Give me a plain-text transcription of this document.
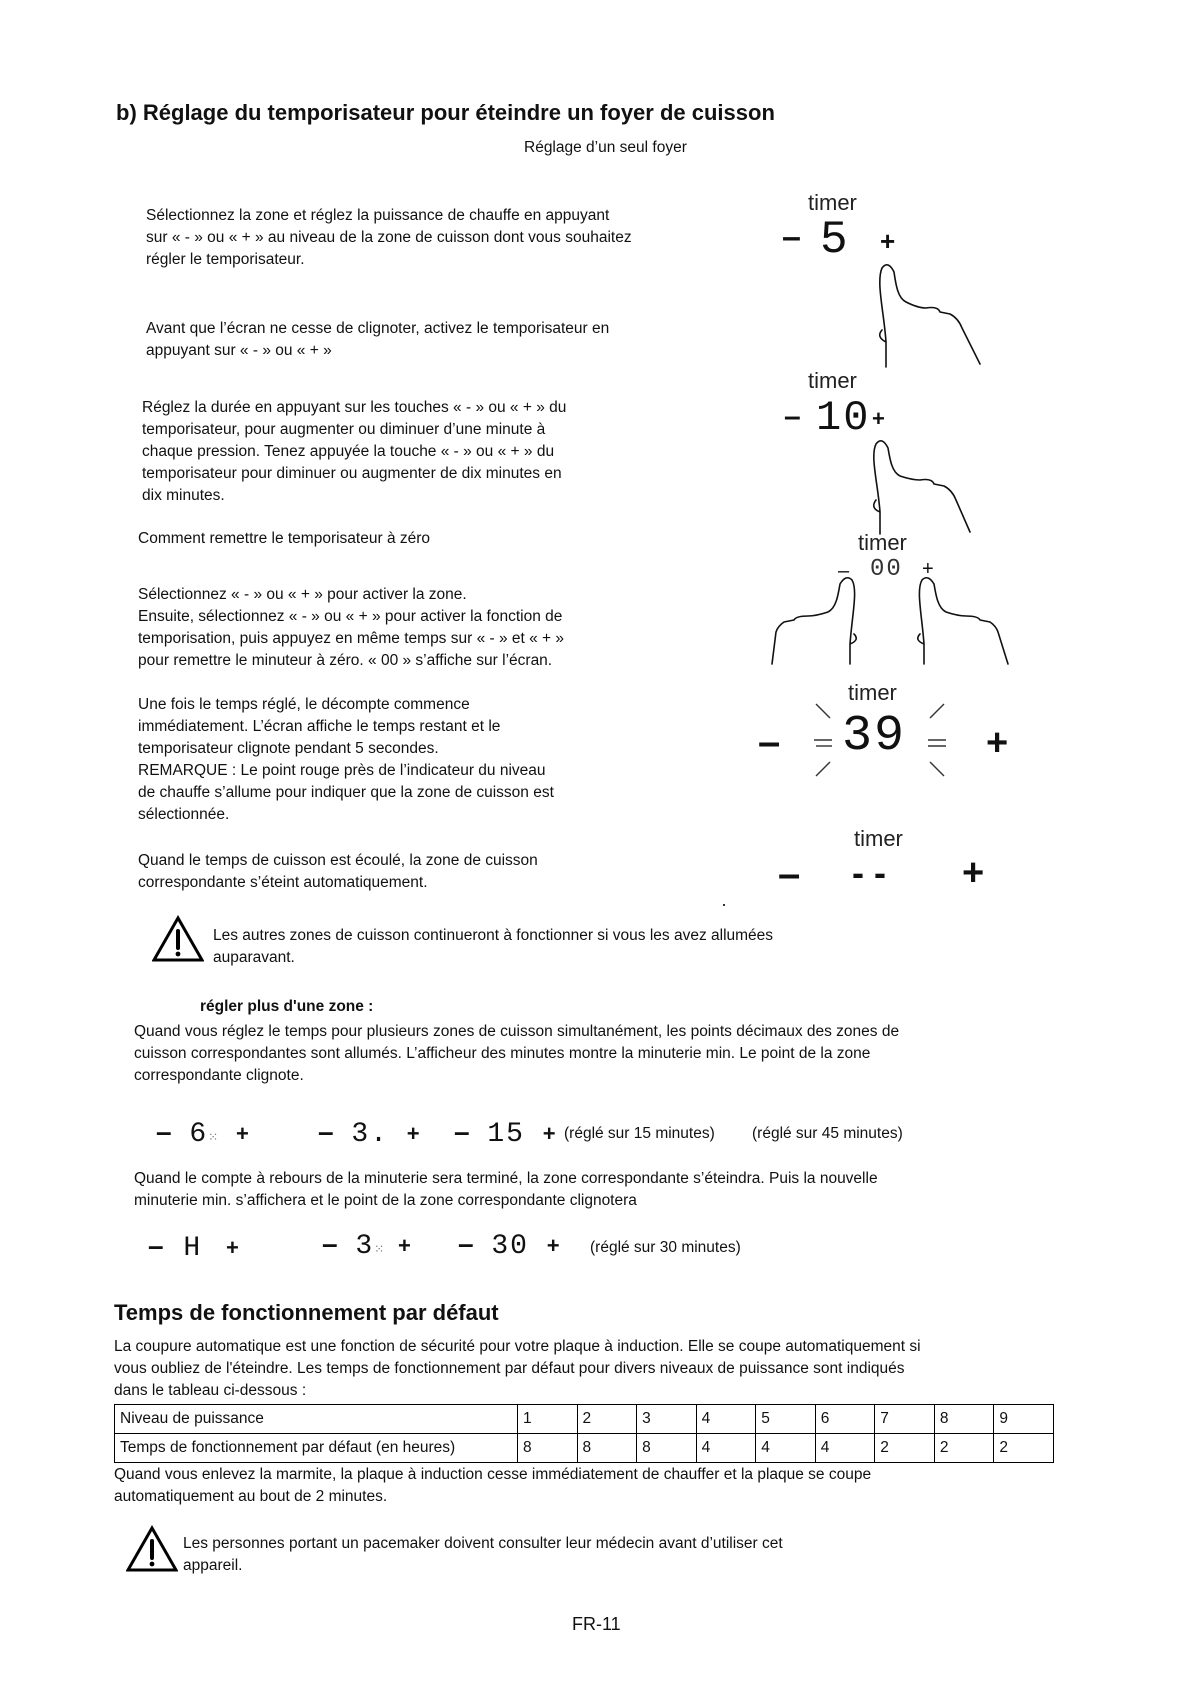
b) Réglage du temporisateur pour éteindre un foyer de cuisson
Réglage d’un seul foyer
Sélectionnez la zone et réglez la puissance de chauffe en appuyant
sur « - » ou « + » au niveau de la zone de cuisson dont vous souhaitez
régler le temporisateur.
Avant que l’écran ne cesse de clignoter, activez le temporisateur en
appuyant sur « - » ou « + »
Réglez la durée en appuyant sur les touches « - » ou « + » du
temporisateur, pour augmenter ou diminuer d’une minute à
chaque pression. Tenez appuyée la touche « - » ou « + » du
temporisateur pour diminuer ou augmenter de dix minutes en
dix minutes.
Comment remettre le temporisateur à zéro
Sélectionnez « - » ou « + » pour activer la zone.
Ensuite, sélectionnez « - » ou « + » pour activer la fonction de
temporisation, puis appuyez en même temps sur « - » et « + »
pour remettre le minuteur à zéro. « 00 » s’affiche sur l’écran.
Une fois le temps réglé, le décompte commence
immédiatement. L’écran affiche le temps restant et le
temporisateur clignote pendant 5 secondes.
REMARQUE : Le point rouge près de l’indicateur du niveau
de chauffe s’allume pour indiquer que la zone de cuisson est
sélectionnée.
Quand le temps de cuisson est écoulé, la zone de cuisson
correspondante s’éteint automatiquement.
timer
– 5 +
timer
– 10 +
timer
– 00 +
timer
– 39 +
timer
– - - +
Les autres zones de cuisson continueront à fonctionner si vous les avez allumées
auparavant.
régler plus d'une zone :
Quand vous réglez le temps pour plusieurs zones de cuisson simultanément, les points décimaux des zones de
cuisson correspondantes sont allumés. L’afficheur des minutes montre la minuterie min. Le point de la zone
correspondante clignote.
– 6⁙ + – 3. + – 15 + (réglé sur 15 minutes) (réglé sur 45 minutes)
Quand le compte à rebours de la minuterie sera terminé, la zone correspondante s’éteindra. Puis la nouvelle
minuterie min. s’affichera et le point de la zone correspondante clignotera
– H +	– 3⁙ + – 30 + (réglé sur 30 minutes)
Temps de fonctionnement par défaut
La coupure automatique est une fonction de sécurité pour votre plaque à induction. Elle se coupe automatiquement si
vous oubliez de l'éteindre. Les temps de fonctionnement par défaut pour divers niveaux de puissance sont indiqués
dans le tableau ci-dessous :
Niveau de puissance	1	2	3	4	5	6	7	8	9
Temps de fonctionnement par défaut (en heures)	8	8	8	4	4	4	2	2	2
Quand vous enlevez la marmite, la plaque à induction cesse immédiatement de chauffer et la plaque se coupe
automatiquement au bout de 2 minutes.
Les personnes portant un pacemaker doivent consulter leur médecin avant d’utiliser cet
appareil.
FR-11
